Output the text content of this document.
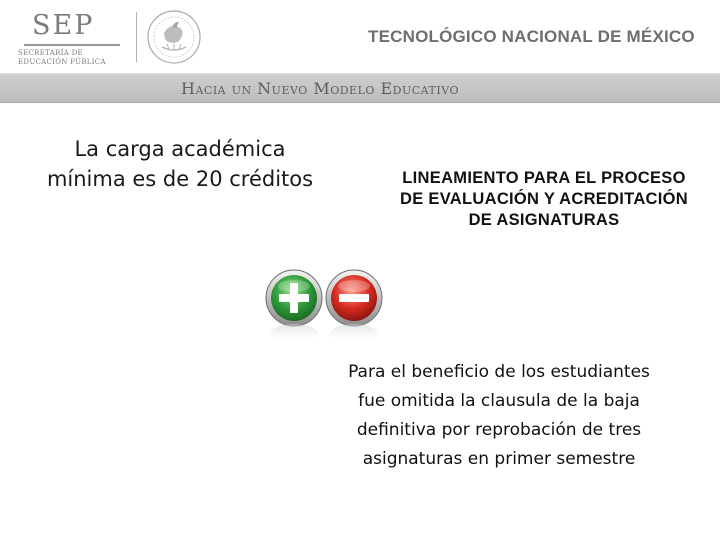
SEP
SECRETARÍA DE
EDUCACIÓN PÚBLICA
TECNOLÓGICO NACIONAL DE MÉXICO
Hacia un Nuevo Modelo Educativo
La carga académica mínima es de 20 créditos	LINEAMIENTO PARA EL PROCESO DE EVALUACIÓN Y ACREDITACIÓN DE ASIGNATURAS
Para el beneficio de los estudiantes fue omitida la clausula de la baja definitiva por reprobación de tres asignaturas en primer semestre
